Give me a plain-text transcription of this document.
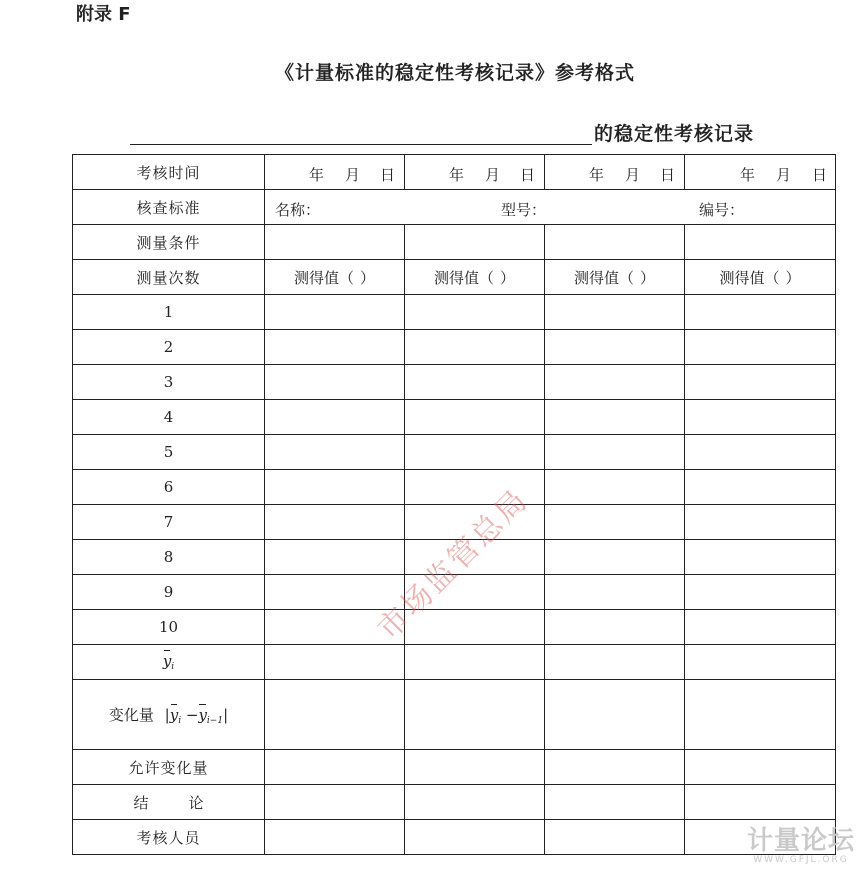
附录 F
《计量标准的稳定性考核记录》参考格式
的稳定性考核记录
考核时间	年 月 日	年 月 日	年 月 日	年 月 日

核查标准	名称： 型号： 编号：			

测量条件				
测量次数	测得值（ ）	测得值（ ）	测得值（ ）	测得值（ ）
1				
2				
3				
4				
5				
6				
7				
8				
9				
10				
$y_i$				
变化量 $|y_i -y_{i-1}|$				
允许变化量				
结 论				
考核人员				
市场监管总局
计量论坛
WWW.GFJL.ORG
